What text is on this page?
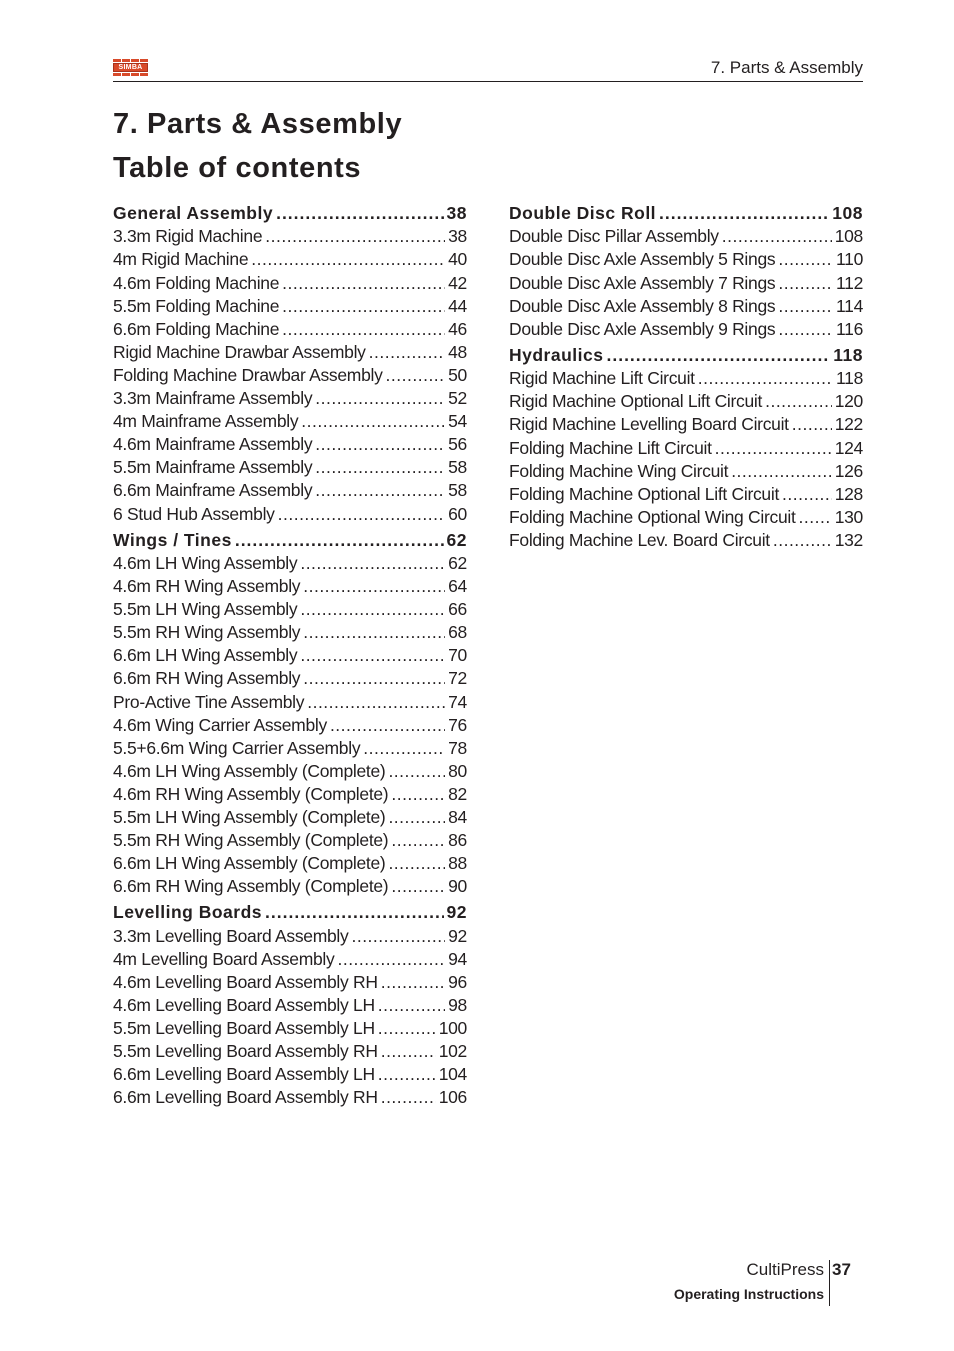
SIMBA	7. Parts & Assembly
7. Parts & Assembly
Table of contents
General Assembly .....	38
3.3m Rigid Machine .....	38
4m Rigid Machine .....	40
4.6m Folding Machine .....	42
5.5m Folding Machine .....	44
6.6m Folding Machine .....	46
Rigid Machine Drawbar Assembly .....	48
Folding Machine Drawbar Assembly .....	50
3.3m Mainframe Assembly .....	52
4m Mainframe Assembly .....	54
4.6m Mainframe Assembly .....	56
5.5m Mainframe Assembly .....	58
6.6m Mainframe Assembly .....	58
6 Stud Hub Assembly .....	60
Wings / Tines .....	62
4.6m LH Wing Assembly .....	62
4.6m RH Wing Assembly .....	64
5.5m LH Wing Assembly .....	66
5.5m RH Wing Assembly .....	68
6.6m LH Wing Assembly .....	70
6.6m RH Wing Assembly .....	72
Pro-Active Tine Assembly .....	74
4.6m Wing Carrier Assembly .....	76
5.5+6.6m Wing Carrier Assembly .....	78
4.6m LH Wing Assembly (Complete) .....	80
4.6m RH Wing Assembly (Complete) .....	82
5.5m LH Wing Assembly (Complete) .....	84
5.5m RH Wing Assembly (Complete) .....	86
6.6m LH Wing Assembly (Complete) .....	88
6.6m RH Wing Assembly (Complete) .....	90
Levelling Boards .....	92
3.3m Levelling Board Assembly .....	92
4m Levelling Board Assembly .....	94
4.6m Levelling Board Assembly RH .....	96
4.6m Levelling Board Assembly LH .....	98
5.5m Levelling Board Assembly LH .....	100
5.5m Levelling Board Assembly RH .....	102
6.6m Levelling Board Assembly LH .....	104
6.6m Levelling Board Assembly RH .....	106
Double Disc Roll .....	108
Double Disc Pillar Assembly .....	108
Double Disc Axle Assembly 5 Rings .....	110
Double Disc Axle Assembly 7 Rings .....	112
Double Disc Axle Assembly 8 Rings .....	114
Double Disc Axle Assembly 9 Rings .....	116
Hydraulics .....	118
Rigid Machine Lift Circuit .....	118
Rigid Machine Optional Lift Circuit .....	120
Rigid Machine Levelling Board Circuit .....	122
Folding Machine Lift Circuit .....	124
Folding Machine Wing Circuit .....	126
Folding Machine Optional Lift Circuit .....	128
Folding Machine Optional Wing Circuit ..... 130
Folding Machine Lev. Board Circuit .....	132
CultiPress
Operating Instructions
37
